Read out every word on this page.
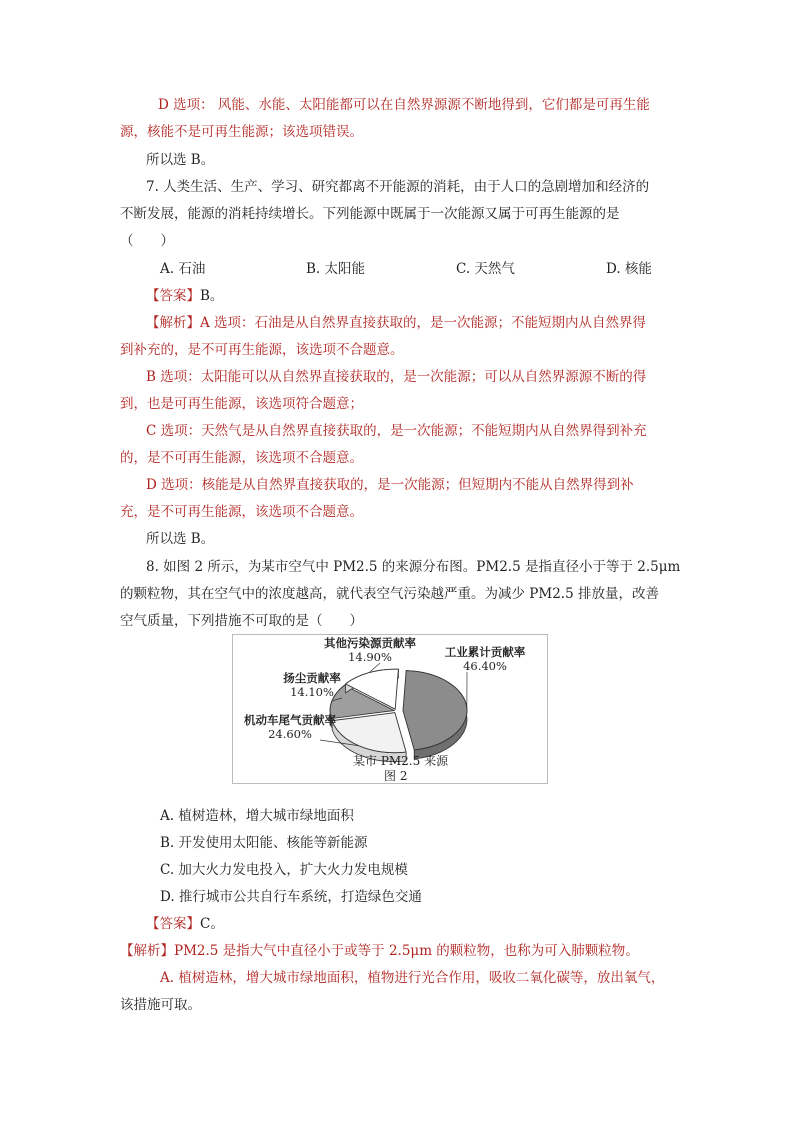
D 选项： 风能、水能、太阳能都可以在自然界源源不断地得到，它们都是可再生能
源，核能不是可再生能源；该选项错误。
所以选 B。
7. 人类生活、生产、学习、研究都离不开能源的消耗，由于人口的急剧增加和经济的
不断发展，能源的消耗持续增长。下列能源中既属于一次能源又属于可再生能源的是
（　　）
A. 石油	B. 太阳能	C. 天然气	D. 核能
【答案】B。
【解析】A 选项：石油是从自然界直接获取的，是一次能源；不能短期内从自然界得
到补充的，是不可再生能源，该选项不合题意。
B 选项：太阳能可以从自然界直接获取的，是一次能源；可以从自然界源源不断的得
到，也是可再生能源，该选项符合题意；
C 选项：天然气是从自然界直接获取的，是一次能源；不能短期内从自然界得到补充
的，是不可再生能源，该选项不合题意。
D 选项：核能是从自然界直接获取的，是一次能源；但短期内不能从自然界得到补
充，是不可再生能源，该选项不合题意。
所以选 B。
8. 如图 2 所示，为某市空气中 PM2.5 的来源分布图。PM2.5 是指直径小于等于 2.5μm
的颗粒物，其在空气中的浓度越高，就代表空气污染越严重。为减少 PM2.5 排放量，改善
空气质量，下列措施不可取的是（　　）
工业累计贡献率
46.40%
机动车尾气贡献率
24.60%
扬尘贡献率
14.10%
其他污染源贡献率
14.90%
某市 PM2.5 来源
图 2
A. 植树造林，增大城市绿地面积
B. 开发使用太阳能、核能等新能源
C. 加大火力发电投入，扩大火力发电规模
D. 推行城市公共自行车系统，打造绿色交通
【答案】C。
【解析】PM2.5 是指大气中直径小于或等于 2.5μm 的颗粒物，也称为可入肺颗粒物。
A. 植树造林，增大城市绿地面积，植物进行光合作用，吸收二氧化碳等，放出氧气，
该措施可取。
